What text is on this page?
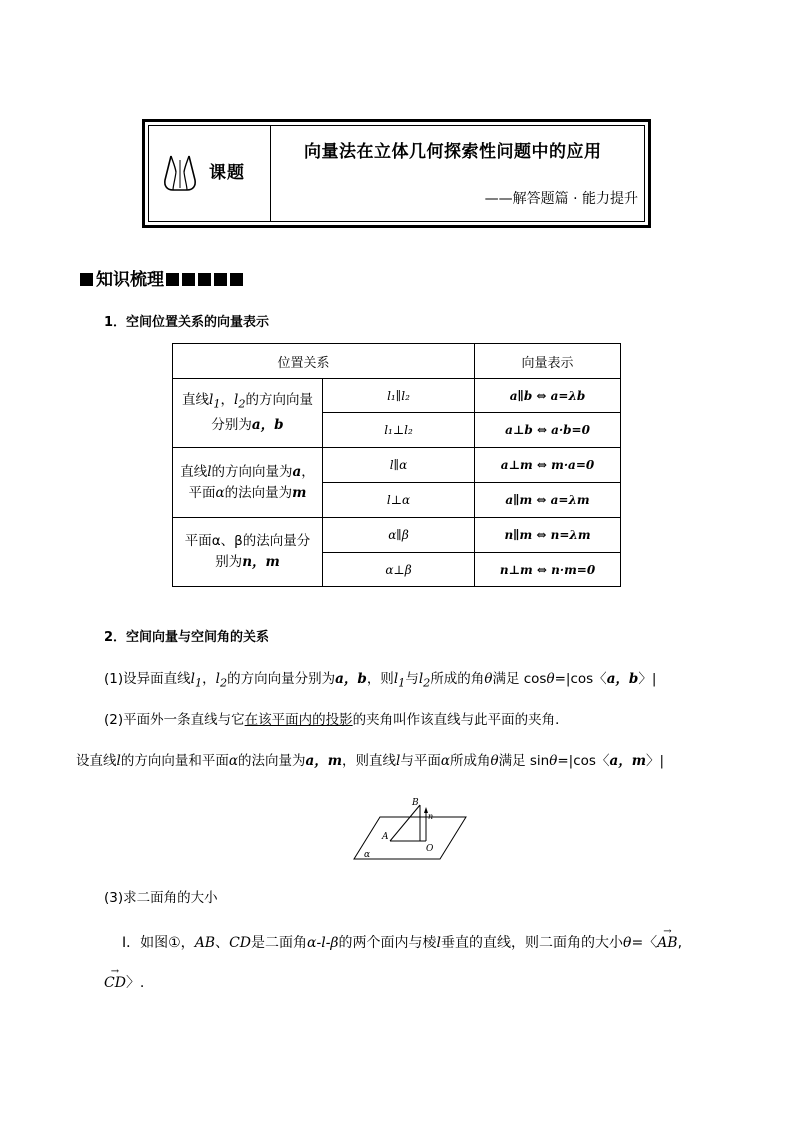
课题
向量法在立体几何探索性问题中的应用
——解答题篇 · 能力提升
知识梳理
1．空间位置关系的向量表示
位置关系		向量表示
直线$l_1$，$l_2$的方向向量
分别为a，b	l₁∥l₂	a∥b ⇔ a=λb
	l₁⊥l₂	a⊥b ⇔ a·b=0
直线l的方向向量为a，
平面α的法向量为m	l∥α	a⊥m ⇔ m·a=0
	l⊥α	a∥m ⇔ a=λm
平面α、β的法向量分
别为n，m	α∥β	n∥m ⇔ n=λm
	α⊥β	n⊥m ⇔ n·m=0
2．空间向量与空间角的关系
(1)设异面直线$l_1$，$l_2$的方向向量分别为a，b，则$l_1$与$l_2$所成的角θ满足 cosθ=|cos〈a，b〉|
(2)平面外一条直线与它在该平面内的投影的夹角叫作该直线与此平面的夹角．
设直线l的方向向量和平面α的法向量为a，m，则直线l与平面α所成角θ满足 sinθ=|cos〈a，m〉|
B
n
A
O
α
(3)求二面角的大小
Ⅰ．如图①，AB、CD是二面角α-l-β的两个面内与棱l垂直的直线，则二面角的大小θ=〈
→
AB,
→
CD〉.
